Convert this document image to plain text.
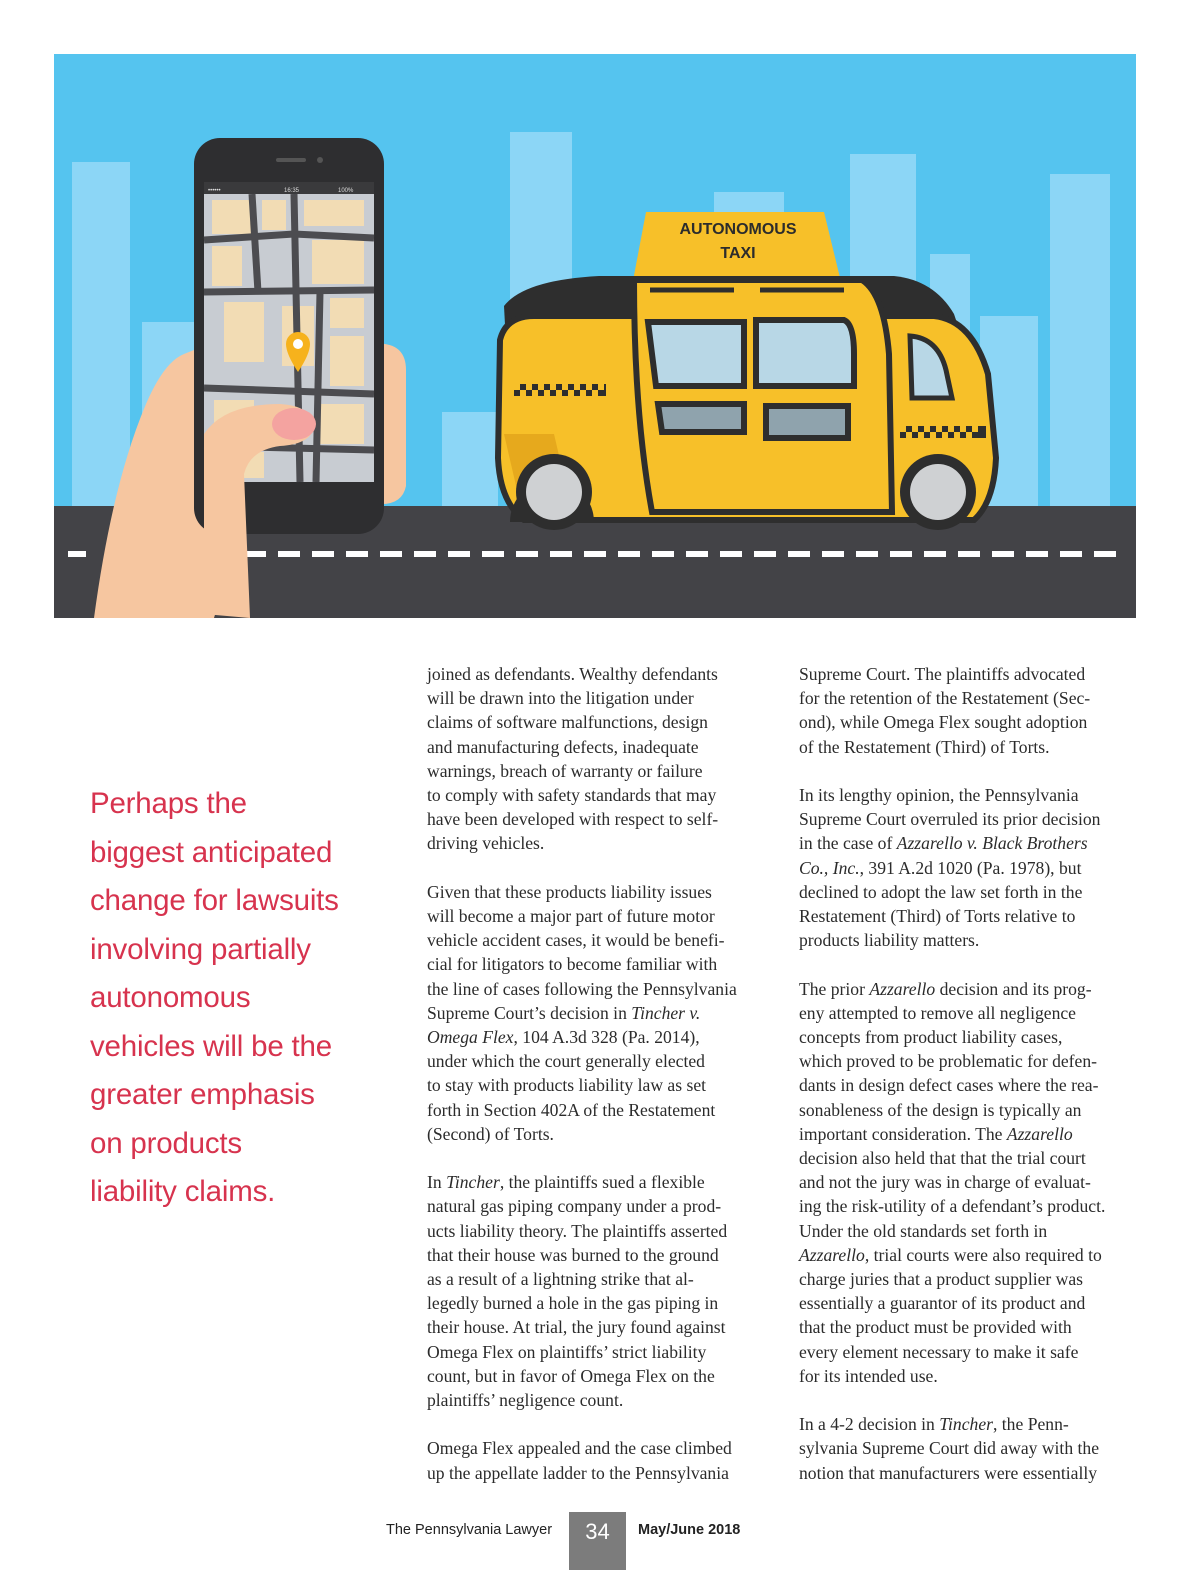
AUTONOMOUS
TAXI
••••••	16:35	100%
Perhaps the
biggest anticipated
change for lawsuits
involving partially
autonomous
vehicles will be the
greater emphasis
on products
liability claims.

joined as defendants. Wealthy defendants
will be drawn into the litigation under
claims of software malfunctions, design
and manufacturing defects, inadequate
warnings, breach of warranty or failure
to comply with safety standards that may
have been developed with respect to self-
driving vehicles.

Given that these products liability issues
will become a major part of future motor
vehicle accident cases, it would be benefi-
cial for litigators to become familiar with
the line of cases following the Pennsylvania
Supreme Court’s decision in Tincher v.
Omega Flex, 104 A.3d 328 (Pa. 2014),
under which the court generally elected
to stay with products liability law as set
forth in Section 402A of the Restatement
(Second) of Torts.

In Tincher, the plaintiffs sued a flexible
natural gas piping company under a prod-
ucts liability theory. The plaintiffs asserted
that their house was burned to the ground
as a result of a lightning strike that al-
legedly burned a hole in the gas piping in
their house. At trial, the jury found against
Omega Flex on plaintiffs’ strict liability
count, but in favor of Omega Flex on the
plaintiffs’ negligence count.

Omega Flex appealed and the case climbed
up the appellate ladder to the Pennsylvania

Supreme Court. The plaintiffs advocated
for the retention of the Restatement (Sec-
ond), while Omega Flex sought adoption
of the Restatement (Third) of Torts.

In its lengthy opinion, the Pennsylvania
Supreme Court overruled its prior decision
in the case of Azzarello v. Black Brothers
Co., Inc., 391 A.2d 1020 (Pa. 1978), but
declined to adopt the law set forth in the
Restatement (Third) of Torts relative to
products liability matters.

The prior Azzarello decision and its prog-
eny attempted to remove all negligence
concepts from product liability cases,
which proved to be problematic for defen-
dants in design defect cases where the rea-
sonableness of the design is typically an
important consideration. The Azzarello
decision also held that that the trial court
and not the jury was in charge of evaluat-
ing the risk-utility of a defendant’s product.
Under the old standards set forth in
Azzarello, trial courts were also required to
charge juries that a product supplier was
essentially a guarantor of its product and
that the product must be provided with
every element necessary to make it safe
for its intended use.

In a 4-2 decision in Tincher, the Penn-
sylvania Supreme Court did away with the
notion that manufacturers were essentially

The Pennsylvania Lawyer	34	May/June 2018
